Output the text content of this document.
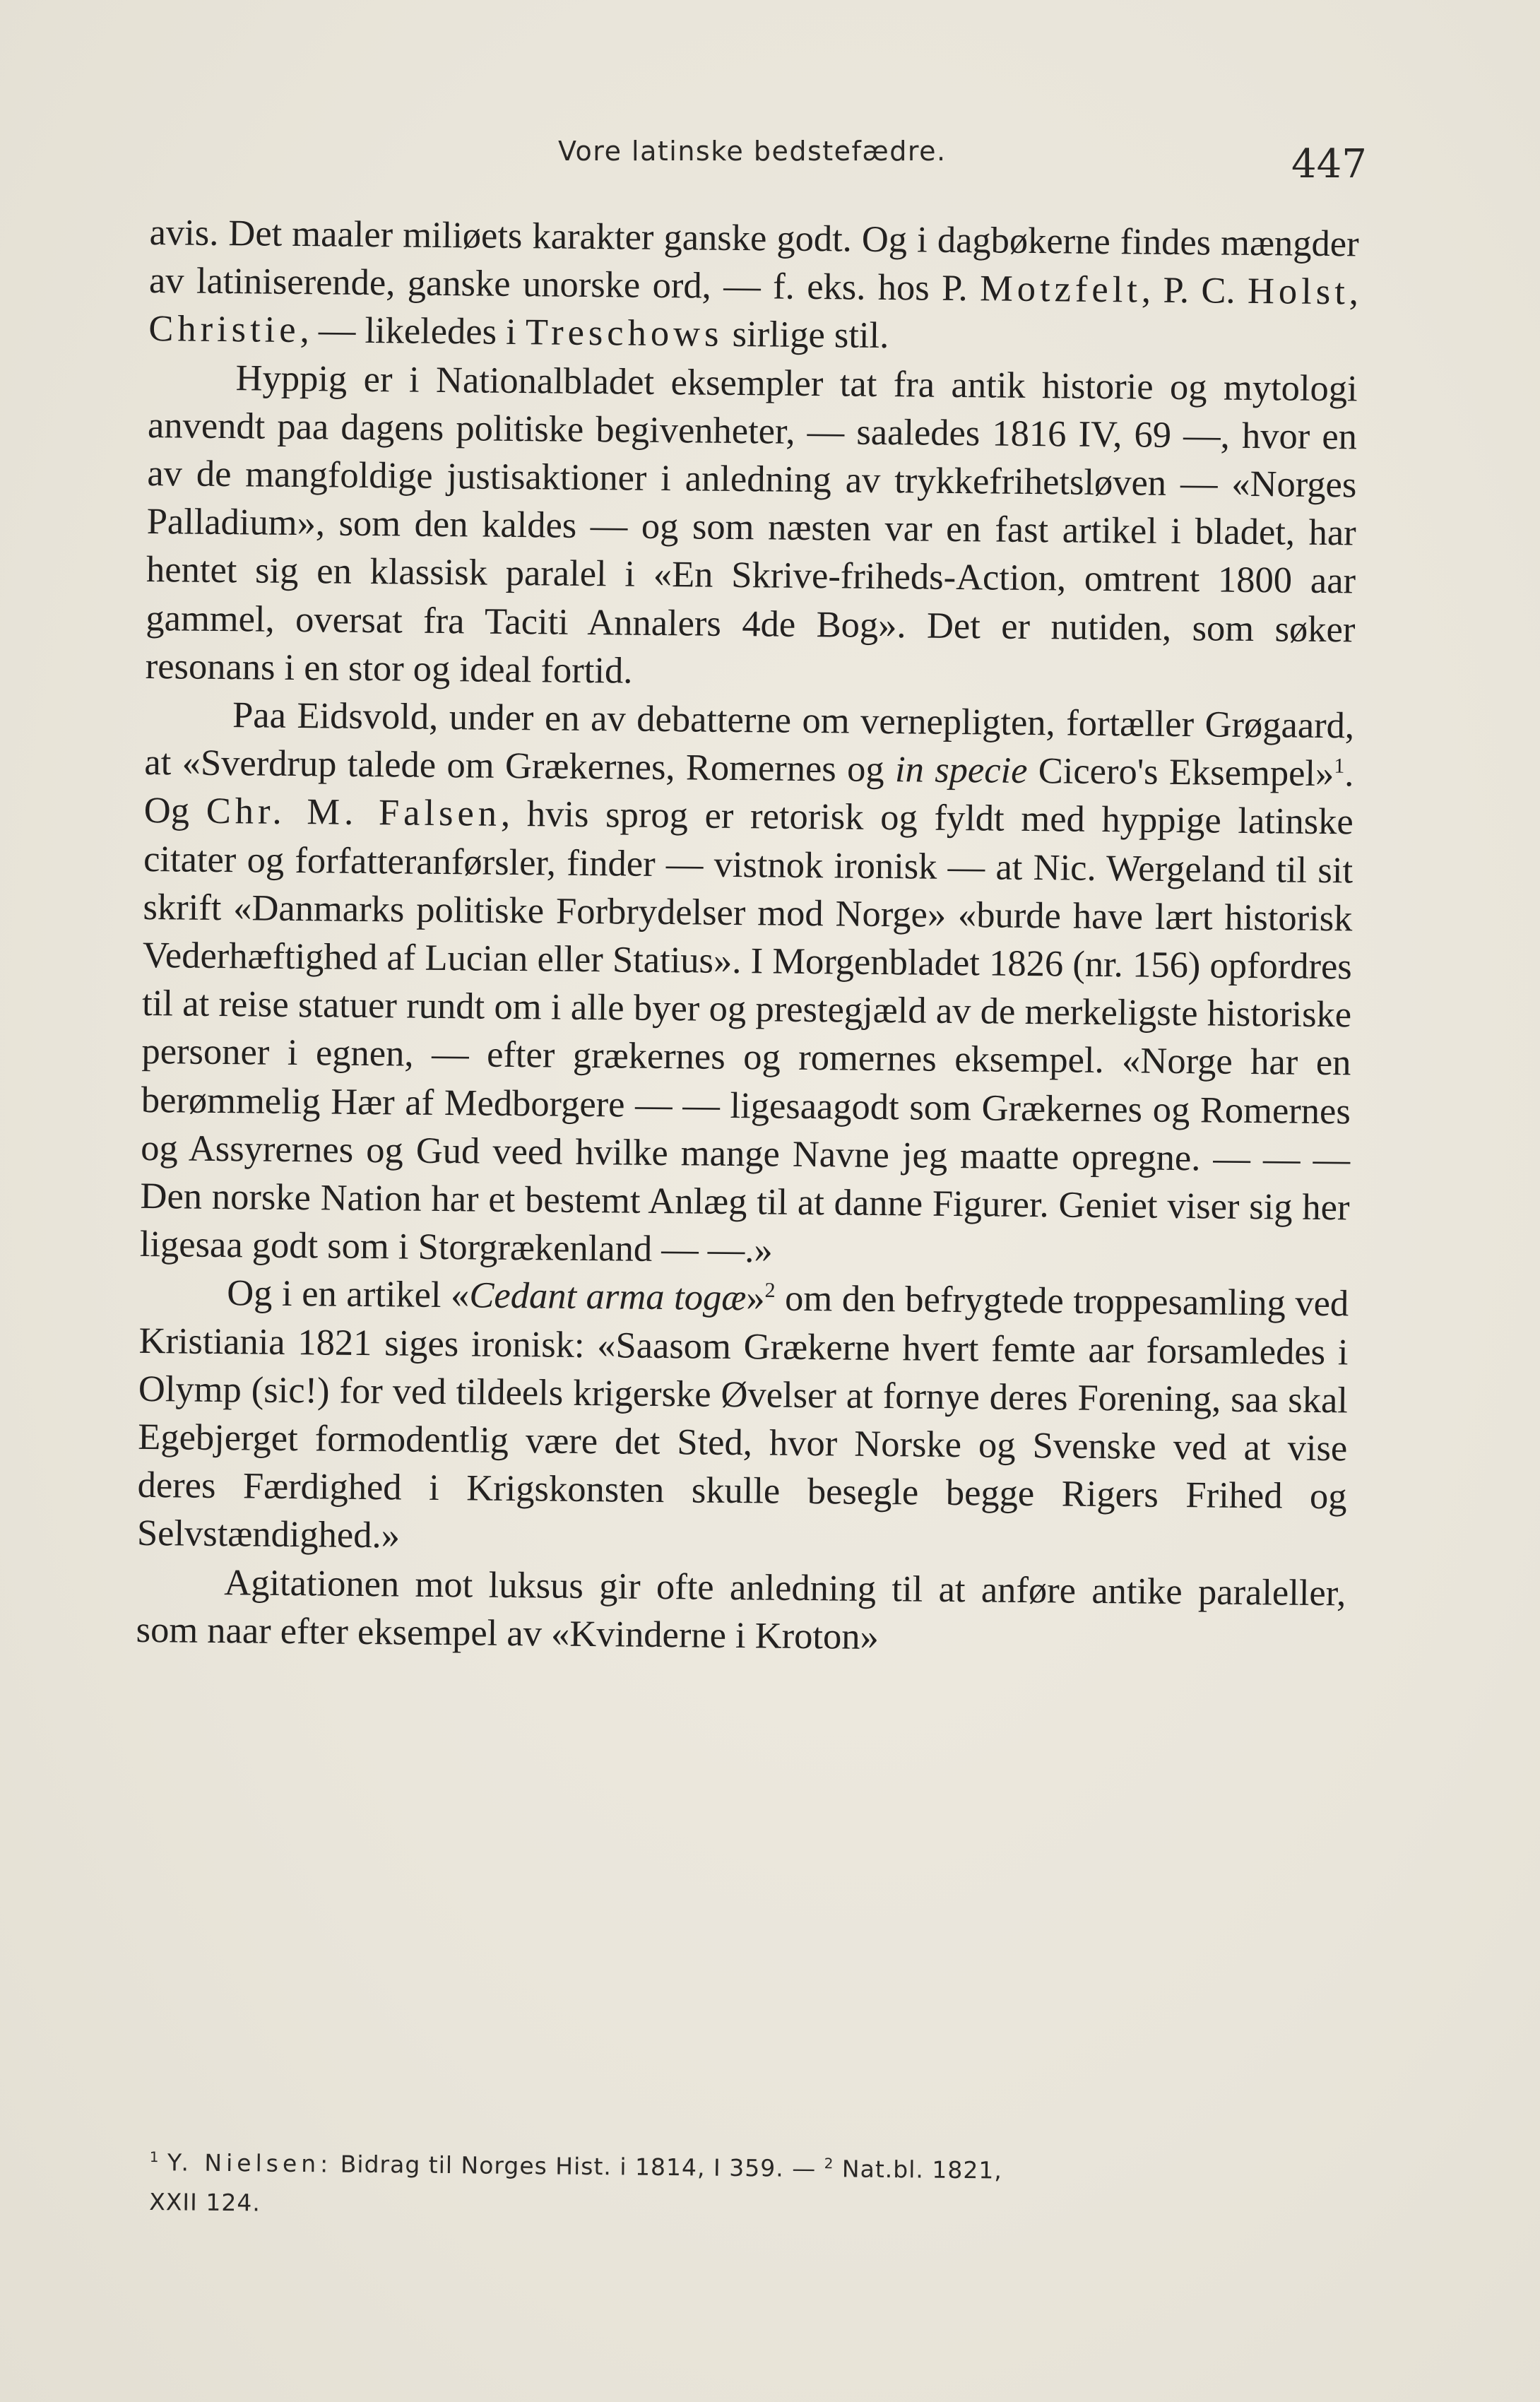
Vore latinske bedstefædre.	447

avis. Det maaler miliøets karakter ganske godt. Og i dagbøkerne findes mængder av latiniserende, ganske unorske ord, — f. eks. hos P. Motzfelt, P. C. Holst, Christie, — likeledes i Treschows sirlige stil.

Hyppig er i Nationalbladet eksempler tat fra antik historie og mytologi anvendt paa dagens politiske begivenheter, — saaledes 1816 IV, 69 —, hvor en av de mangfoldige justisaktioner i anledning av trykkefrihetsløven — «Norges Palladium», som den kaldes — og som næsten var en fast artikel i bladet, har hentet sig en klassisk paralel i «En Skrive-friheds-Action, omtrent 1800 aar gammel, oversat fra Taciti Annalers 4de Bog». Det er nutiden, som søker resonans i en stor og ideal fortid.

Paa Eidsvold, under en av debatterne om vernepligten, fortæller Grøgaard, at «Sverdrup talede om Grækernes, Romernes og in specie Cicero's Eksempel»$^1$. Og Chr. M. Falsen, hvis sprog er retorisk og fyldt med hyppige latinske citater og forfatteranførsler, finder — vistnok ironisk — at Nic. Wergeland til sit skrift «Danmarks politiske Forbrydelser mod Norge» «burde have lært historisk Vederhæftighed af Lucian eller Statius». I Morgenbladet 1826 (nr. 156) opfordres til at reise statuer rundt om i alle byer og prestegjæld av de merkeligste historiske personer i egnen, — efter grækernes og romernes eksempel. «Norge har en berømmelig Hær af Medborgere — — ligesaagodt som Grækernes og Romernes og Assyrernes og Gud veed hvilke mange Navne jeg maatte opregne. — — — Den norske Nation har et bestemt Anlæg til at danne Figurer. Geniet viser sig her ligesaa godt som i Storgrækenland — —.»

Og i en artikel «Cedant arma togæ»$^2$ om den befrygtede troppesamling ved Kristiania 1821 siges ironisk: «Saasom Grækerne hvert femte aar forsamledes i Olymp (sic!) for ved tildeels krigerske Øvelser at fornye deres Forening, saa skal Egebjerget formodentlig være det Sted, hvor Norske og Svenske ved at vise deres Færdighed i Krigskonsten skulle besegle begge Rigers Frihed og Selvstændighed.»

Agitationen mot luksus gir ofte anledning til at anføre antike paraleller, som naar efter eksempel av «Kvinderne i Kroton»

$^1$ Y. Nielsen: Bidrag til Norges Hist. i 1814, I 359. — $^2$ Nat.bl. 1821,
XXII 124.
